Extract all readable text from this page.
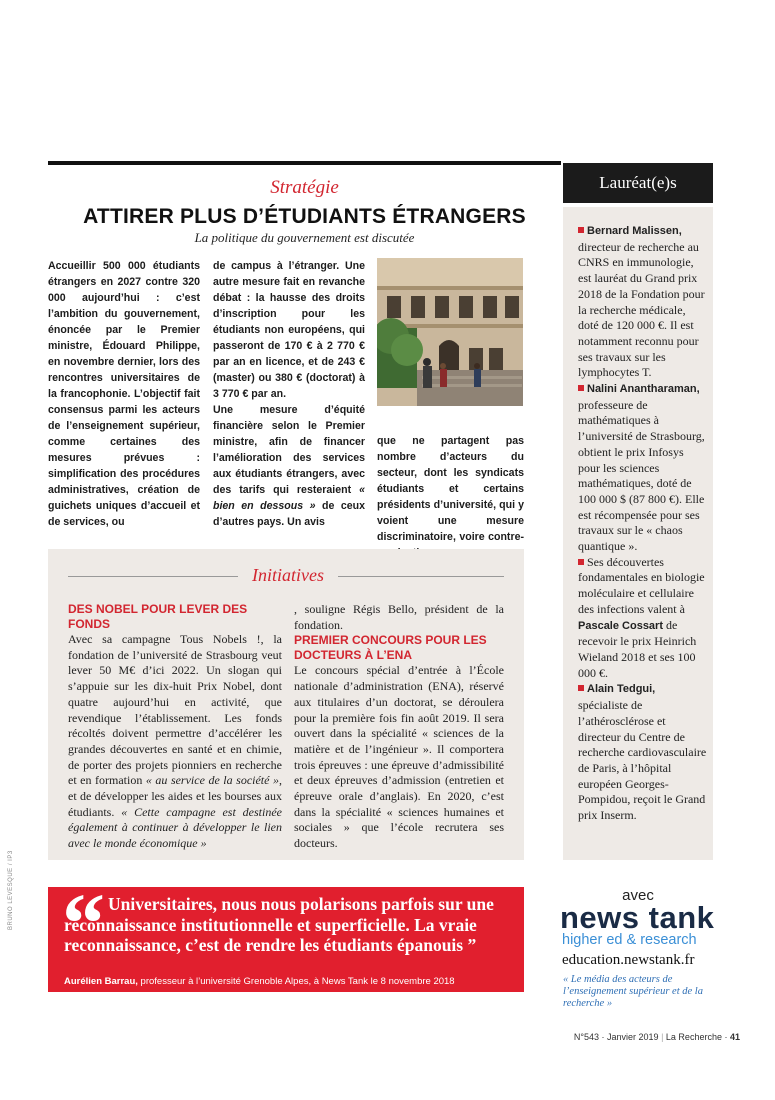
Stratégie
ATTIRER PLUS D’ÉTUDIANTS ÉTRANGERS
La politique du gouvernement est discutée

Accueillir 500 000 étudiants étrangers en 2027 contre 320 000 aujourd’hui : c’est l’ambition du gouvernement, énoncée par le Premier ministre, Édouard Philippe, en novembre dernier, lors des rencontres universitaires de la francophonie. L’objectif fait consensus parmi les acteurs de l’enseignement supérieur, comme certaines des mesures prévues : simplification des procédures administratives, création de guichets uniques d’accueil et de services, ou

de campus à l’étranger. Une autre mesure fait en revanche débat : la hausse des droits d’inscription pour les étudiants non européens, qui passeront de 170 € à 2 770 € par an en licence, et de 243 € (master) ou 380 € (doctorat) à 3 770 € par an.

Une mesure d’équité financière selon le Premier ministre, afin de financer l’amélioration des services aux étudiants étrangers, avec des tarifs qui resteraient « bien en dessous » de ceux d’autres pays. Un avis

que ne partagent pas nombre d’acteurs du secteur, dont les syndicats étudiants et certains présidents d’université, qui y voient une mesure discriminatoire, voire contre-

BRUNO LEVESQUE / IP3
Initiatives
DES NOBEL POUR LEVER DES FONDS

Avec sa campagne Tous Nobels !, la fondation de l’université de Strasbourg veut lever 50 M€ d’ici 2022. Un slogan qui s’appuie sur les dix-huit Prix Nobel, dont quatre aujourd’hui en activité, que revendique l’établissement. Les fonds récoltés doivent permettre d’accélérer les grandes découvertes en santé et en chimie, de porter des projets pionniers en recherche et en formation « au service de la société », et de développer les aides et les bourses aux étudiants. « Cette campagne est destinée également à continuer à développer le lien avec le monde économique »

, souligne Régis Bello, président de la fondation.

PREMIER CONCOURS POUR LES DOCTEURS À L’ENA

Le concours spécial d’entrée à l’École nationale d’administration (ENA), réservé aux titulaires d’un doctorat, se déroulera pour la première fois fin août 2019. Il sera ouvert dans la spécialité « sciences de la matière et de l’ingénieur ». Il comportera trois épreuves : une épreuve d’admissibilité et deux épreuves d’admission (entretien et épreuve orale d’anglais). En 2020, c’est dans la spécialité « sciences humaines et sociales » que l’école recrutera ses docteurs.

Lauréat(e)s

Bernard Malissen, directeur de recherche au CNRS en immunologie, est lauréat du Grand prix 2018 de la Fondation pour la recherche médicale, doté de 120 000 €. Il est notamment reconnu pour ses travaux sur les lymphocytes T.

Nalini Anantharaman, professeure de mathématiques à l’université de Strasbourg, obtient le prix Infosys pour les sciences mathématiques, doté de 100 000 $ (87 800 €). Elle est récompensée pour ses travaux sur le « chaos quantique ».

Ses découvertes fondamentales en biologie moléculaire et cellulaire des infections valent à Pascale Cossart de recevoir le prix Heinrich Wieland 2018 et ses 100 000 €.

Alain Tedgui, spécialiste de l’athérosclérose et directeur du Centre de recherche cardiovasculaire de Paris, à l’hôpital européen Georges-Pompidou, reçoit le Grand prix Inserm.

“ Universitaires, nous nous polarisons parfois sur une reconnaissance institutionnelle et superficielle. La vraie reconnaissance, c’est de rendre les étudiants épanouis ”
Aurélien Barrau, professeur à l’université Grenoble Alpes, à News Tank le 8 novembre 2018
avec
news tank
higher ed & research
education.newstank.fr
« Le média des acteurs de l’enseignement supérieur et de la recherche »
N°543 · Janvier 2019 | La Recherche · 41
